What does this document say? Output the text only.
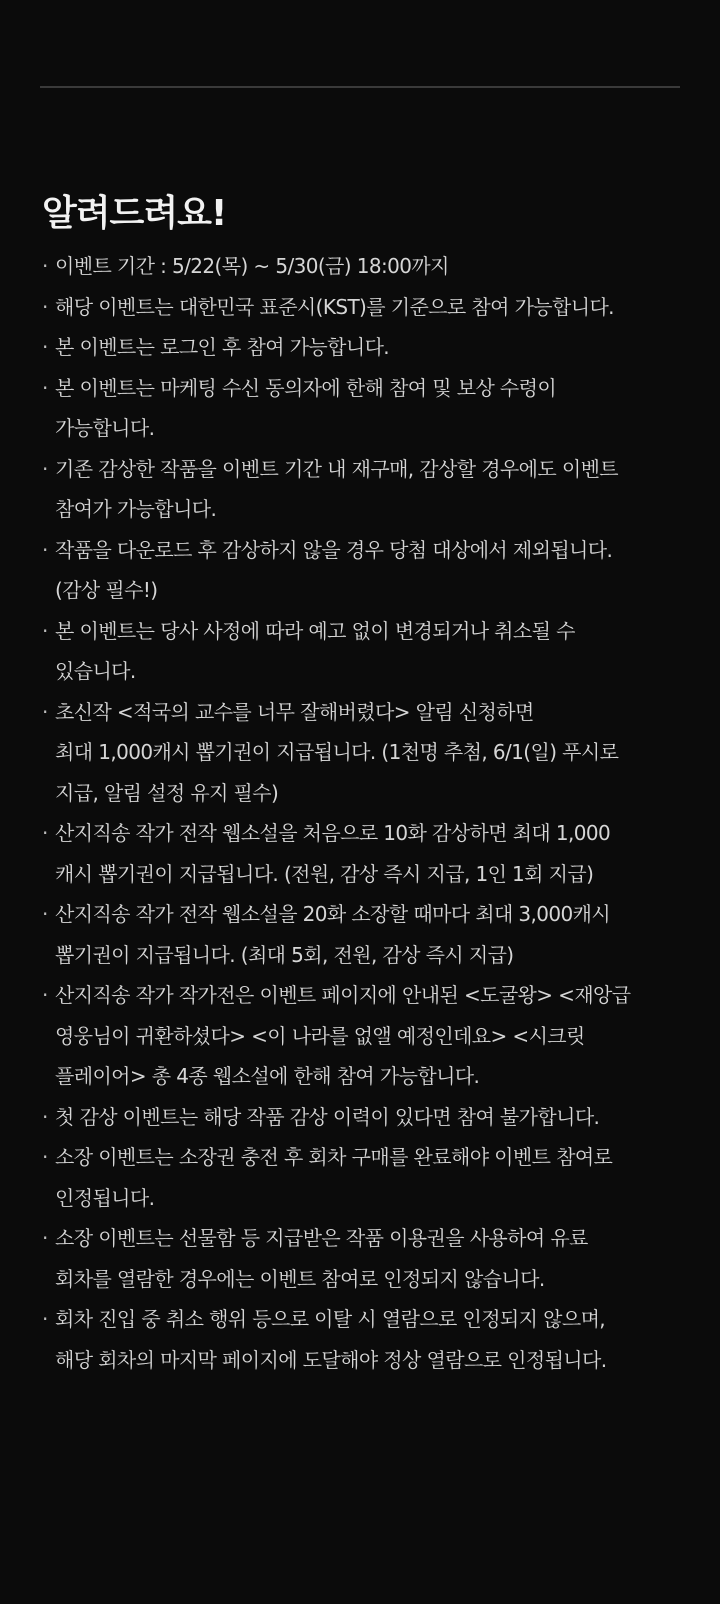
알려드려요!
· 이벤트 기간 : 5/22(목) ~ 5/30(금) 18:00까지
· 해당 이벤트는 대한민국 표준시(KST)를 기준으로 참여 가능합니다.
· 본 이벤트는 로그인 후 참여 가능합니다.
· 본 이벤트는 마케팅 수신 동의자에 한해 참여 및 보상 수령이
가능합니다.
· 기존 감상한 작품을 이벤트 기간 내 재구매, 감상할 경우에도 이벤트
참여가 가능합니다.
· 작품을 다운로드 후 감상하지 않을 경우 당첨 대상에서 제외됩니다.
(감상 필수!)
· 본 이벤트는 당사 사정에 따라 예고 없이 변경되거나 취소될 수
있습니다.
· 초신작 <적국의 교수를 너무 잘해버렸다> 알림 신청하면
최대 1,000캐시 뽑기권이 지급됩니다. (1천명 추첨, 6/1(일) 푸시로
지급, 알림 설정 유지 필수)
· 산지직송 작가 전작 웹소설을 처음으로 10화 감상하면 최대 1,000
캐시 뽑기권이 지급됩니다. (전원, 감상 즉시 지급, 1인 1회 지급)
· 산지직송 작가 전작 웹소설을 20화 소장할 때마다 최대 3,000캐시
뽑기권이 지급됩니다. (최대 5회, 전원, 감상 즉시 지급)
· 산지직송 작가 작가전은 이벤트 페이지에 안내된 <도굴왕> <재앙급
영웅님이 귀환하셨다> <이 나라를 없앨 예정인데요> <시크릿
플레이어> 총 4종 웹소설에 한해 참여 가능합니다.
· 첫 감상 이벤트는 해당 작품 감상 이력이 있다면 참여 불가합니다.
· 소장 이벤트는 소장권 충전 후 회차 구매를 완료해야 이벤트 참여로
인정됩니다.
· 소장 이벤트는 선물함 등 지급받은 작품 이용권을 사용하여 유료
회차를 열람한 경우에는 이벤트 참여로 인정되지 않습니다.
· 회차 진입 중 취소 행위 등으로 이탈 시 열람으로 인정되지 않으며,
해당 회차의 마지막 페이지에 도달해야 정상 열람으로 인정됩니다.
